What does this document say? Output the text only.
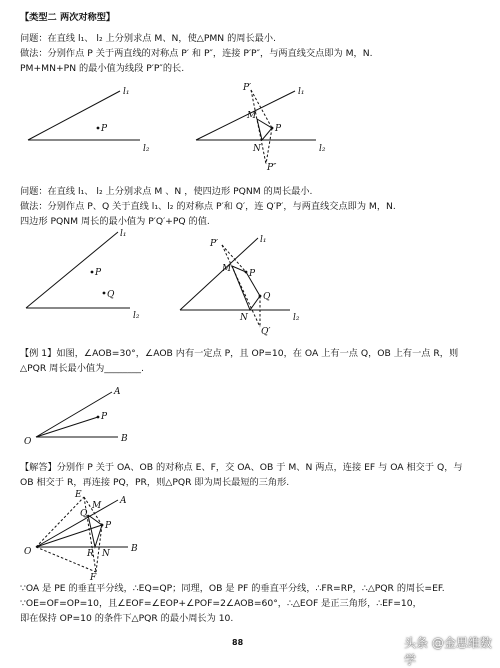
【类型二 两次对称型】
问题：在直线 l₁、 l₂ 上分别求点 M、N，使△PMN 的周长最小.
做法：分别作点 P 关于两直线的对称点 P′ 和 P″，连接 P′P″，与两直线交点即为 M，N.
PM+MN+PN 的最小值为线段 P′P″的长.
问题：在直线 l₁、 l₂ 上分别求点 M 、N ，使四边形 PQNM 的周长最小.
做法：分别作点 P、Q 关于直线 l₁、l₂ 的对称点 P′和 Q′，连 Q′P′，与两直线交点即为 M，N.
四边形 PQNM 周长的最小值为 P′Q′+PQ 的值.
【例 1】如图，∠AOB=30°，∠AOB 内有一定点 P，且 OP=10，在 OA 上有一点 Q，OB 上有一点 R，则
△PQR 周长最小值为________.
【解答】分别作 P 关于 OA、OB 的对称点 E、F，交 OA、OB 于 M、N 两点，连接 EF 与 OA 相交于 Q，与
OB 相交于 R，再连接 PQ，PR，则△PQR 即为周长最短的三角形.
∵OA 是 PE 的垂直平分线，∴EQ=QP；同理，OB 是 PF 的垂直平分线，∴FR=RP，∴△PQR 的周长=EF.
∵OE=OF=OP=10，且∠EOF=∠EOP+∠POF=2∠AOB=60°，∴△EOF 是正三角形，∴EF=10，
即在保持 OP=10 的条件下△PQR 的最小周长为 10.
88	头条 @金思维数学
l₁
l₂
P
l₁
l₂
P′
M
P
N
P″
l₁
l₂
P
Q
l₁
l₂
P′
M P
Q
N
Q′
A
P
O	B
A
E
M
Q
P
O	R N B
F
